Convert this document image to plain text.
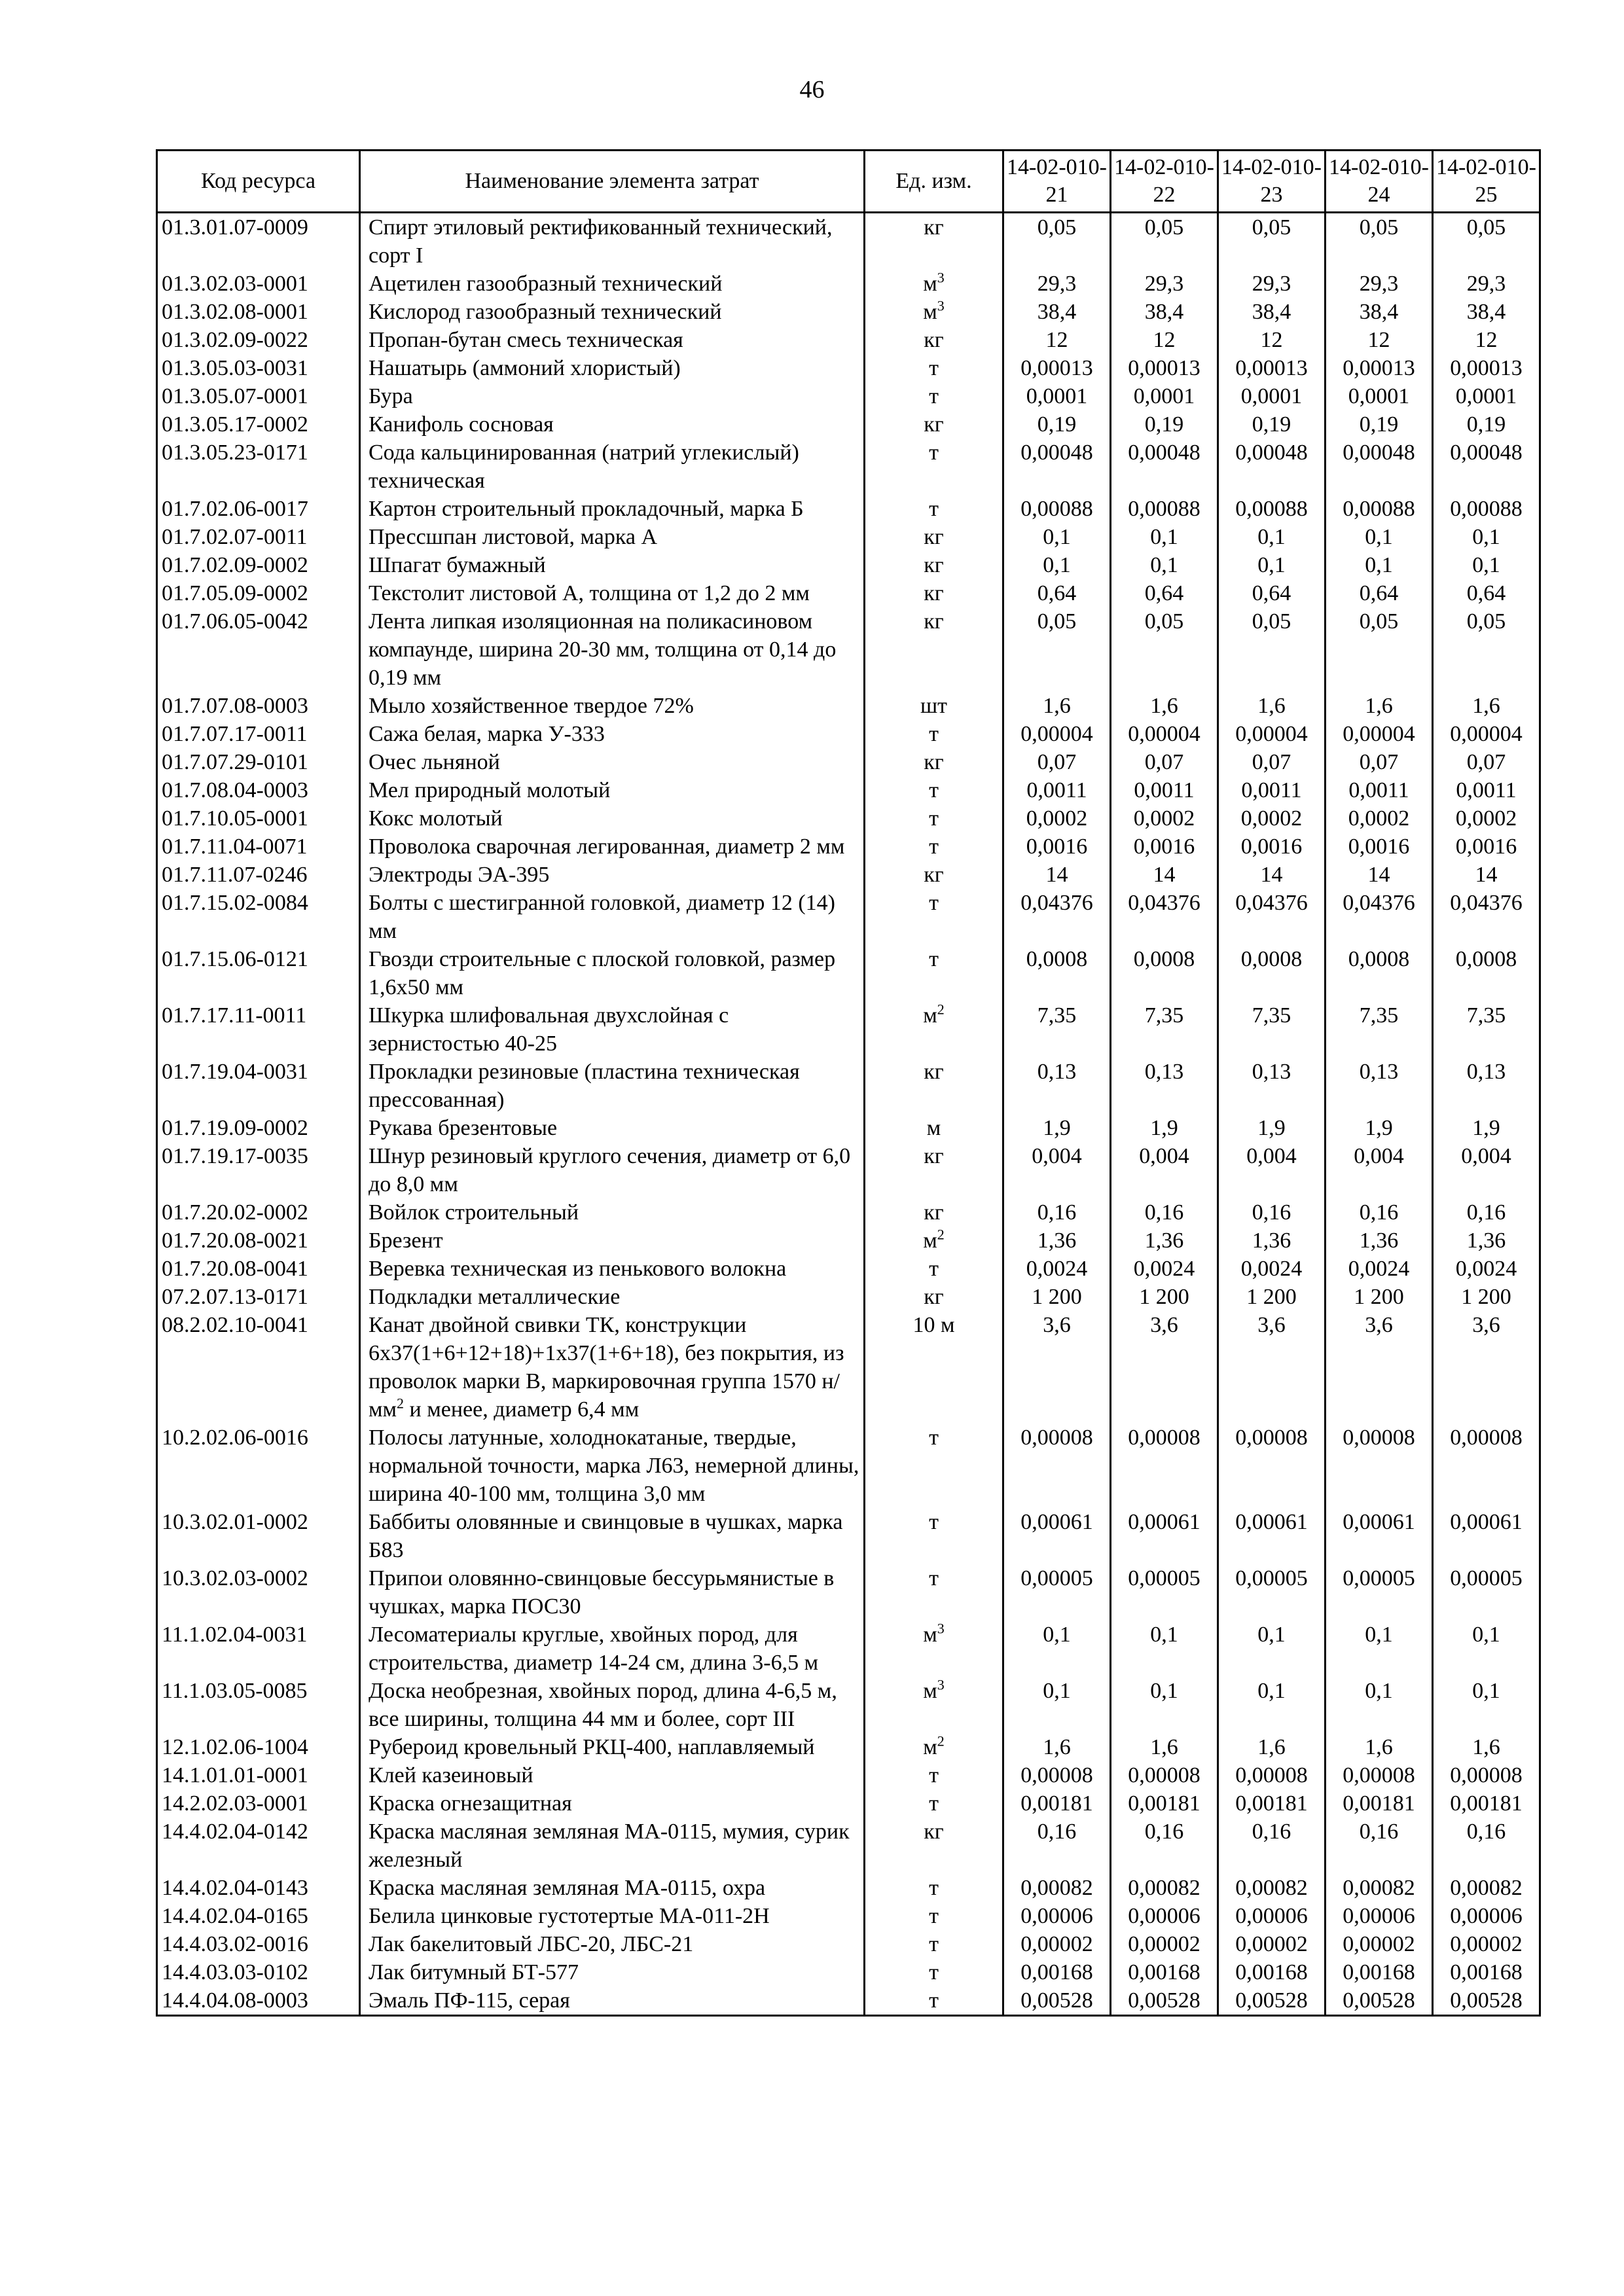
46
Код ресурса	Наименование элемента затрат	Ед. изм.	14-02-010-21	14-02-010-22	14-02-010-23	14-02-010-24	14-02-010-25
01.3.01.07-0009	Спирт этиловый ректификованный технический, сорт I	кг	0,05	0,05	0,05	0,05	0,05
01.3.02.03-0001	Ацетилен газообразный технический	$м^3$	29,3	29,3	29,3	29,3	29,3
01.3.02.08-0001	Кислород газообразный технический	$м^3$	38,4	38,4	38,4	38,4	38,4
01.3.02.09-0022	Пропан-бутан смесь техническая	кг	12	12	12	12	12
01.3.05.03-0031	Нашатырь (аммоний хлористый)	т	0,00013	0,00013	0,00013	0,00013	0,00013
01.3.05.07-0001	Бура	т	0,0001	0,0001	0,0001	0,0001	0,0001
01.3.05.17-0002	Канифоль сосновая	кг	0,19	0,19	0,19	0,19	0,19
01.3.05.23-0171	Сода кальцинированная (натрий углекислый) техническая	т	0,00048	0,00048	0,00048	0,00048	0,00048
01.7.02.06-0017	Картон строительный прокладочный, марка Б	т	0,00088	0,00088	0,00088	0,00088	0,00088
01.7.02.07-0011	Прессшпан листовой, марка А	кг	0,1	0,1	0,1	0,1	0,1
01.7.02.09-0002	Шпагат бумажный	кг	0,1	0,1	0,1	0,1	0,1
01.7.05.09-0002	Текстолит листовой А, толщина от 1,2 до 2 мм	кг	0,64	0,64	0,64	0,64	0,64
01.7.06.05-0042	Лента липкая изоляционная на поликасиновом компаунде, ширина 20-30 мм, толщина от 0,14 до 0,19 мм	кг	0,05	0,05	0,05	0,05	0,05
01.7.07.08-0003	Мыло хозяйственное твердое 72%	шт	1,6	1,6	1,6	1,6	1,6
01.7.07.17-0011	Сажа белая, марка У-333	т	0,00004	0,00004	0,00004	0,00004	0,00004
01.7.07.29-0101	Очес льняной	кг	0,07	0,07	0,07	0,07	0,07
01.7.08.04-0003	Мел природный молотый	т	0,0011	0,0011	0,0011	0,0011	0,0011
01.7.10.05-0001	Кокс молотый	т	0,0002	0,0002	0,0002	0,0002	0,0002
01.7.11.04-0071	Проволока сварочная легированная, диаметр 2 мм	т	0,0016	0,0016	0,0016	0,0016	0,0016
01.7.11.07-0246	Электроды ЭА-395	кг	14	14	14	14	14
01.7.15.02-0084	Болты с шестигранной головкой, диаметр 12 (14) мм	т	0,04376	0,04376	0,04376	0,04376	0,04376
01.7.15.06-0121	Гвозди строительные с плоской головкой, размер 1,6x50 мм	т	0,0008	0,0008	0,0008	0,0008	0,0008
01.7.17.11-0011	Шкурка шлифовальная двухслойная с зернистостью 40-25	$м^2$	7,35	7,35	7,35	7,35	7,35
01.7.19.04-0031	Прокладки резиновые (пластина техническая прессованная)	кг	0,13	0,13	0,13	0,13	0,13
01.7.19.09-0002	Рукава брезентовые	м	1,9	1,9	1,9	1,9	1,9
01.7.19.17-0035	Шнур резиновый круглого сечения, диаметр от 6,0 до 8,0 мм	кг	0,004	0,004	0,004	0,004	0,004
01.7.20.02-0002	Войлок строительный	кг	0,16	0,16	0,16	0,16	0,16
01.7.20.08-0021	Брезент	$м^2$	1,36	1,36	1,36	1,36	1,36
01.7.20.08-0041	Веревка техническая из пенькового волокна	т	0,0024	0,0024	0,0024	0,0024	0,0024
07.2.07.13-0171	Подкладки металлические	кг	1 200	1 200	1 200	1 200	1 200
08.2.02.10-0041	Канат двойной свивки ТК, конструкции 6x37(1+6+12+18)+1x37(1+6+18), без покрытия, из проволок марки В, маркировочная группа 1570 $н/мм^2$ и менее, диаметр 6,4 мм	10 м	3,6	3,6	3,6	3,6	3,6
10.2.02.06-0016	Полосы латунные, холоднокатаные, твердые, нормальной точности, марка Л63, немерной длины, ширина 40-100 мм, толщина 3,0 мм	т	0,00008	0,00008	0,00008	0,00008	0,00008
10.3.02.01-0002	Баббиты оловянные и свинцовые в чушках, марка Б83	т	0,00061	0,00061	0,00061	0,00061	0,00061
10.3.02.03-0002	Припои оловянно-свинцовые бессурьмянистые в чушках, марка ПОС30	т	0,00005	0,00005	0,00005	0,00005	0,00005
11.1.02.04-0031	Лесоматериалы круглые, хвойных пород, для строительства, диаметр 14-24 см, длина 3-6,5 м	$м^3$	0,1	0,1	0,1	0,1	0,1
11.1.03.05-0085	Доска необрезная, хвойных пород, длина 4-6,5 м, все ширины, толщина 44 мм и более, сорт III	$м^3$	0,1	0,1	0,1	0,1	0,1
12.1.02.06-1004	Рубероид кровельный РКЦ-400, наплавляемый	$м^2$	1,6	1,6	1,6	1,6	1,6
14.1.01.01-0001	Клей казеиновый	т	0,00008	0,00008	0,00008	0,00008	0,00008
14.2.02.03-0001	Краска огнезащитная	т	0,00181	0,00181	0,00181	0,00181	0,00181
14.4.02.04-0142	Краска масляная земляная МА-0115, мумия, сурик железный	кг	0,16	0,16	0,16	0,16	0,16
14.4.02.04-0143	Краска масляная земляная МА-0115, охра	т	0,00082	0,00082	0,00082	0,00082	0,00082
14.4.02.04-0165	Белила цинковые густотертые МА-011-2Н	т	0,00006	0,00006	0,00006	0,00006	0,00006
14.4.03.02-0016	Лак бакелитовый ЛБС-20, ЛБС-21	т	0,00002	0,00002	0,00002	0,00002	0,00002
14.4.03.03-0102	Лак битумный БТ-577	т	0,00168	0,00168	0,00168	0,00168	0,00168
14.4.04.08-0003	Эмаль ПФ-115, серая	т	0,00528	0,00528	0,00528	0,00528	0,00528
